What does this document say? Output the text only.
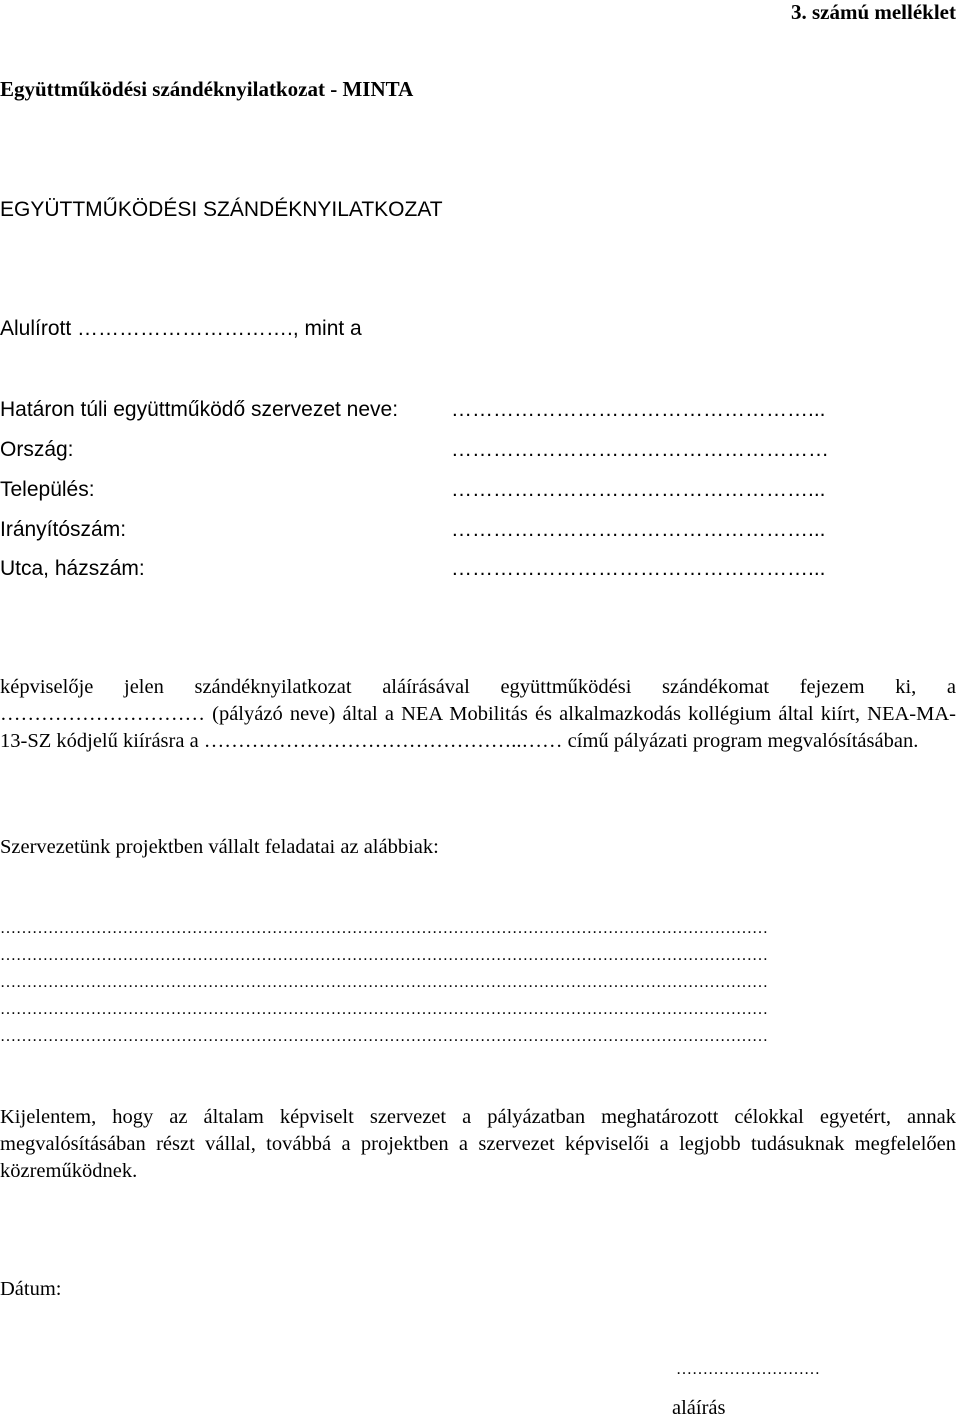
3. számú melléklet

Együttműködési szándéknyilatkozat - MINTA

EGYÜTTMŰKÖDÉSI SZÁNDÉKNYILATKOZAT

Alulírott …………………………., mint a

Határon túli együttműködő szervezet neve:	……………………………………………...

Ország:	………………………………………………

Település:	……………………………………………...

Irányítószám:	……………………………………………...

Utca, házszám:	……………………………………………...

képviselője jelen szándéknyilatkozat aláírásával együttműködési szándékomat fejezem ki, a ………………………… (pályázó neve) által a NEA Mobilitás és alkalmazkodás kollégium által kiírt, NEA-MA-13-SZ kódjelű kiírásra a ………………………………………..…… című pályázati program megvalósításában.

Szervezetünk projektben vállalt feladatai az alábbiak:

………………………………………………………………………………………………………………………………

………………………………………………………………………………………………………………………………

………………………………………………………………………………………………………………………………

………………………………………………………………………………………………………………………………

………………………………………………………………………………………………………………………………

Kijelentem, hogy az általam képviselt szervezet a pályázatban meghatározott célokkal egyetért, annak megvalósításában részt vállal, továbbá a projektben a szervezet képviselői a legjobb tudásuknak megfelelően közreműködnek.

Dátum:

………………………

aláírás
